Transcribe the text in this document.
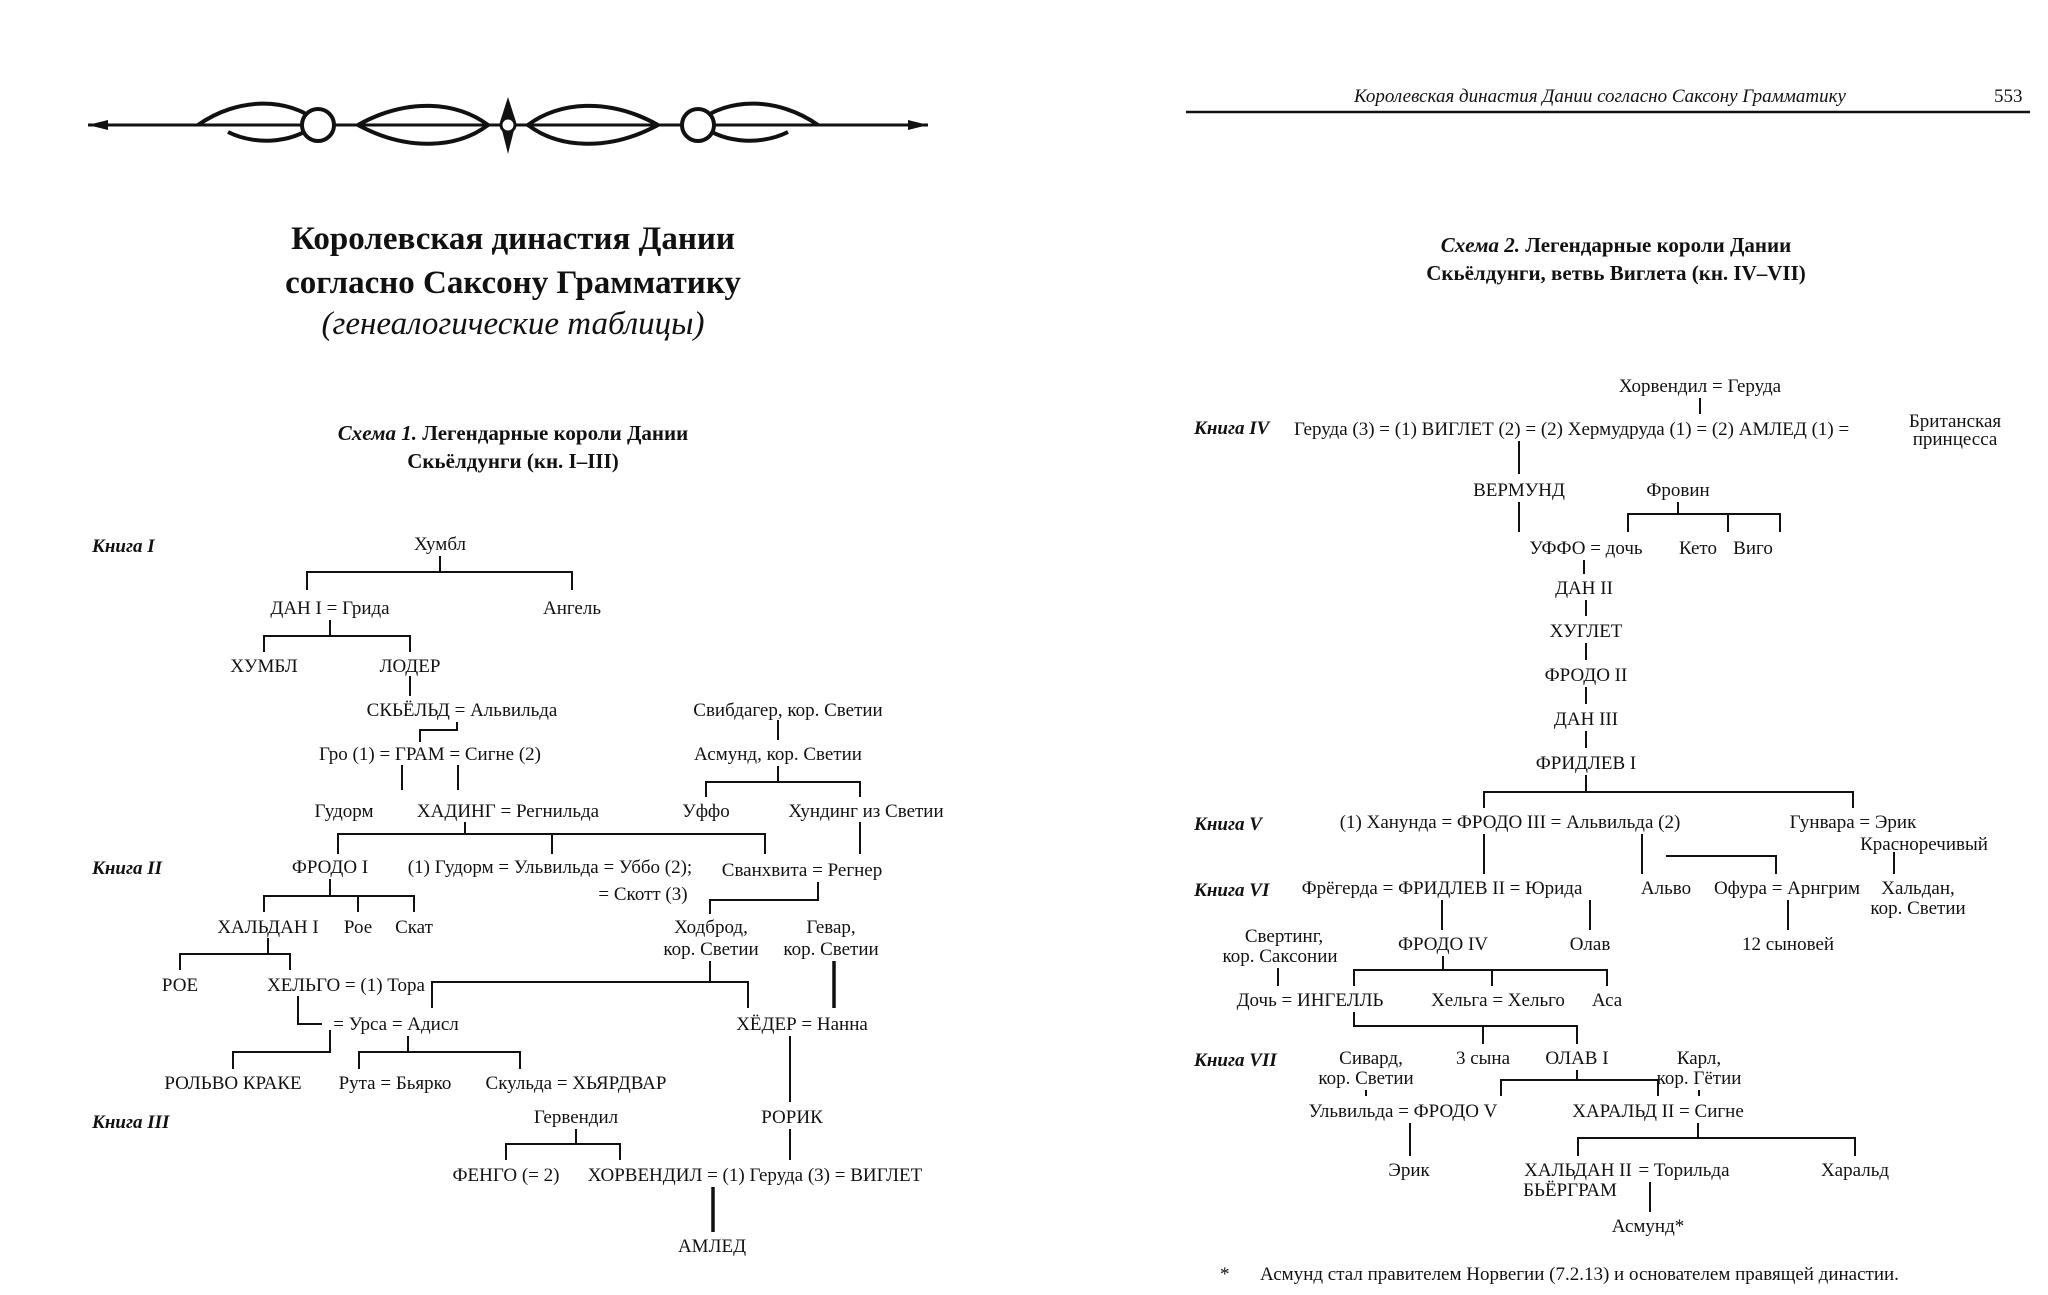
Королевская династия Дании
согласно Саксону Грамматику
(генеалогические таблицы)
Схема 1. Легендарные короли Дании
Скьёлдунги (кн. I–III)
Книга I
Книга II
Книга III
Хумбл
ДАН I = Грида	Ангель
ХУМБЛ	ЛОДЕР
СКЬЁЛЬД = Альвильда	Свибдагер, кор. Светии
Гро (1) = ГРАМ = Сигне (2)	Асмунд, кор. Светии
Гудорм ХАДИНГ = Регнильда	Уффо	Хундинг из Светии
ФРОДО I (1) Гудорм = Ульвильда = Уббо (2);
= Скотт (3)
Сванхвита = Регнер
ХАЛЬДАН I Рое Скат	Ходброд,
кор. Светии
Гевар,
кор. Светии
РОЕ	ХЕЛЬГО = (1) Тора
= Урса = Адисл	ХЁДЕР = Нанна
РОЛЬВО КРАКЕ Рута = Бьярко Скульда = ХЬЯРДВАР
Гервендил	РОРИК
ФЕНГО (= 2) ХОРВЕНДИЛ = (1) Геруда (3) = ВИГЛЕТ
АМЛЕД
Королевская династия Дании согласно Саксону Грамматику	553
Схема 2. Легендарные короли Дании
Скьёлдунги, ветвь Виглета (кн. IV–VII)
Книга IV
Книга V
Книга VI
Книга VII
Хорвендил = Геруда
Геруда (3) = (1) ВИГЛЕТ (2) = (2) Хермудруда (1) = (2) АМЛЕД (1) =	Британская
принцесса
ВЕРМУНД	Фровин
УФФО = дочь Кето Виго
ДАН II
ХУГЛЕТ
ФРОДО II
ДАН III
ФРИДЛЕВ I
(1) Ханунда = ФРОДО III = Альвильда (2)	Гунвара = Эрик
Красноречивый
Фрёгерда = ФРИДЛЕВ II = Юрида	Альво Офура = Арнгрим Хальдан,
кор. Светии
Свертинг,
кор. Саксонии
ФРОДО IV	Олав	12 сыновей
Дочь = ИНГЕЛЛЬ	Хельга = Хельго Аса
Сивард,
кор. Светии
3 сына ОЛАВ I	Карл,
кор. Гётии
Ульвильда = ФРОДО V	ХАРАЛЬД II = Сигне
Эрик	ХАЛЬДАН II
БЬЁРГРАМ
= Торильда	Харальд
Асмунд*
* Асмунд стал правителем Норвегии (7.2.13) и основателем правящей династии.
